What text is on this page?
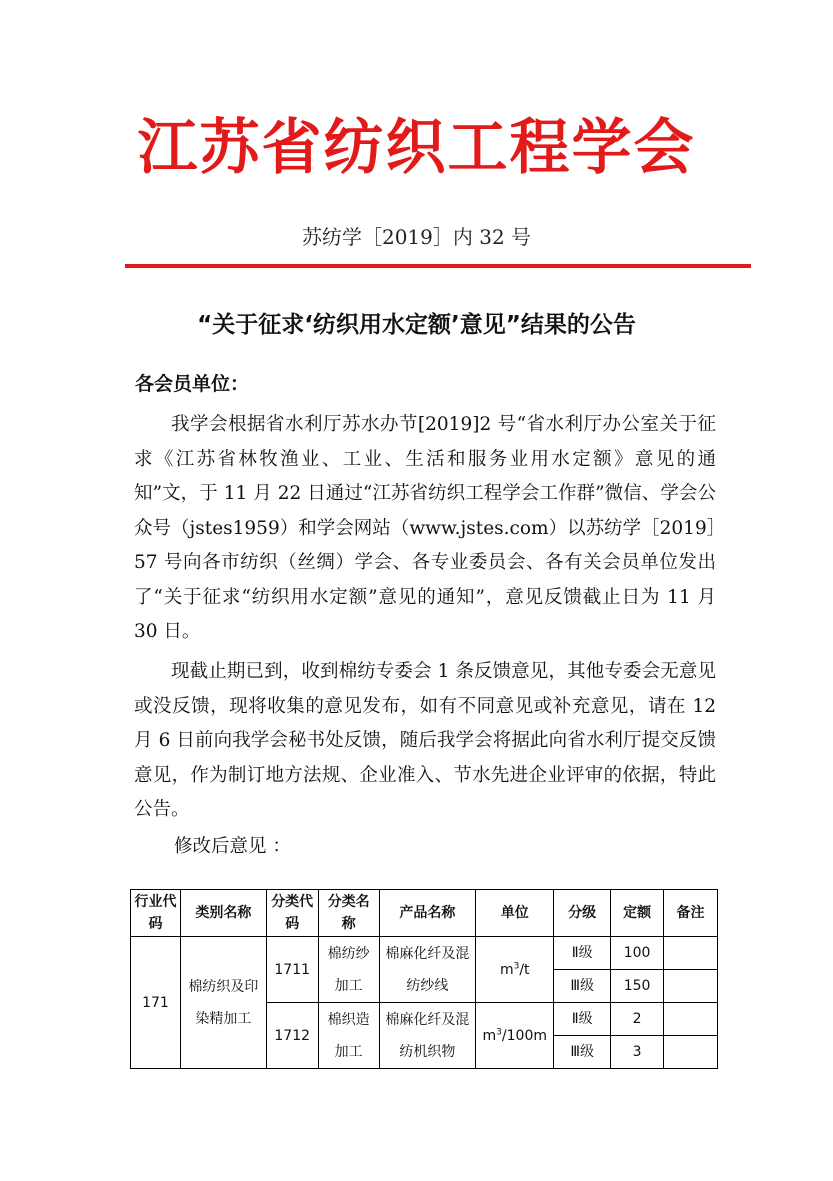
江苏省纺织工程学会

苏纺学［2019］内 32 号

“关于征求‘纺织用水定额’意见”结果的公告

各会员单位：

我学会根据省水利厅苏水办节[2019]2 号“省水利厅办公室关于征求《江苏省林牧渔业、工业、生活和服务业用水定额》意见的通知”文，于 11 月 22 日通过“江苏省纺织工程学会工作群”微信、学会公众号（jstes1959）和学会网站（www.jstes.com）以苏纺学［2019］57 号向各市纺织（丝绸）学会、各专业委员会、各有关会员单位发出了“关于征求“纺织用水定额”意见的通知”，意见反馈截止日为 11 月 30 日。

现截止期已到，收到棉纺专委会 1 条反馈意见，其他专委会无意见或没反馈，现将收集的意见发布，如有不同意见或补充意见，请在 12 月 6 日前向我学会秘书处反馈，随后我学会将据此向省水利厅提交反馈意见，作为制订地方法规、企业准入、节水先进企业评审的依据，特此公告。

修改后意见 ：

行业代码	类别名称	分类代码	分类名称	产品名称	单位	分级	定额	备注
171	棉纺织及印染精加工	1711	棉纺纱加工	棉麻化纤及混纺纱线	$m^3/t$	Ⅱ级	100	
						Ⅲ级	150	
		1712	棉织造加工	棉麻化纤及混纺机织物	$m^3/100m$	Ⅱ级	2	
						Ⅲ级	3	
